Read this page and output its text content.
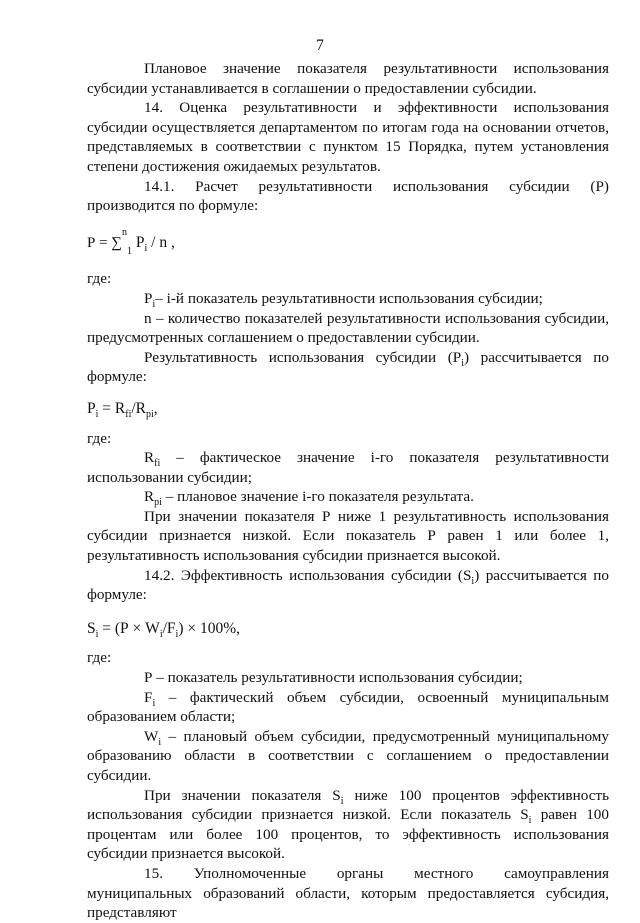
7

Плановое значение показателя результативности использования субсидии устанавливается в соглашении о предоставлении субсидии.

14. Оценка результативности и эффективности использования субсидии осуществляется департаментом по итогам года на основании отчетов, представляемых в соответствии с пунктом 15 Порядка, путем установления степени достижения ожидаемых результатов.

14.1. Расчет результативности использования субсидии (Р) производится по формуле:

Р = ∑$^n_1$ $P_i$ / n ,

где:

$Р_i-$ i-й показатель результативности использования субсидии;

n – количество показателей результативности использования субсидии, предусмотренных соглашением о предоставлении субсидии.

Результативность использования субсидии $(Р_i)$ рассчитывается по формуле:

$Р_i = R_{fi}/R_{pi}$,

где:

$R_{fi}$ – фактическое значение i-го показателя результативности использовании субсидии;

$R_{pi}$ – плановое значение i-го показателя результата.

При значении показателя Р ниже 1 результативность использования субсидии признается низкой. Если показатель Р равен 1 или более 1, результативность использования субсидии признается высокой.

14.2. Эффективность использования субсидии $(S_i)$ рассчитывается по формуле:

$S_i = (Р \times W_i/F_i) \times 100\%$,

где:

Р – показатель результативности использования субсидии;

$F_i$ – фактический объем субсидии, освоенный муниципальным образованием области;

$W_i$ – плановый объем субсидии, предусмотренный муниципальному образованию области в соответствии с соглашением о предоставлении субсидии.

При значении показателя $S_i$ ниже 100 процентов эффективность использования субсидии признается низкой. Если показатель $S_i$ равен 100 процентам или более 100 процентов, то эффективность использования субсидии признается высокой.

15. Уполномоченные органы местного самоуправления муниципальных образований области, которым предоставляется субсидия, представляют
